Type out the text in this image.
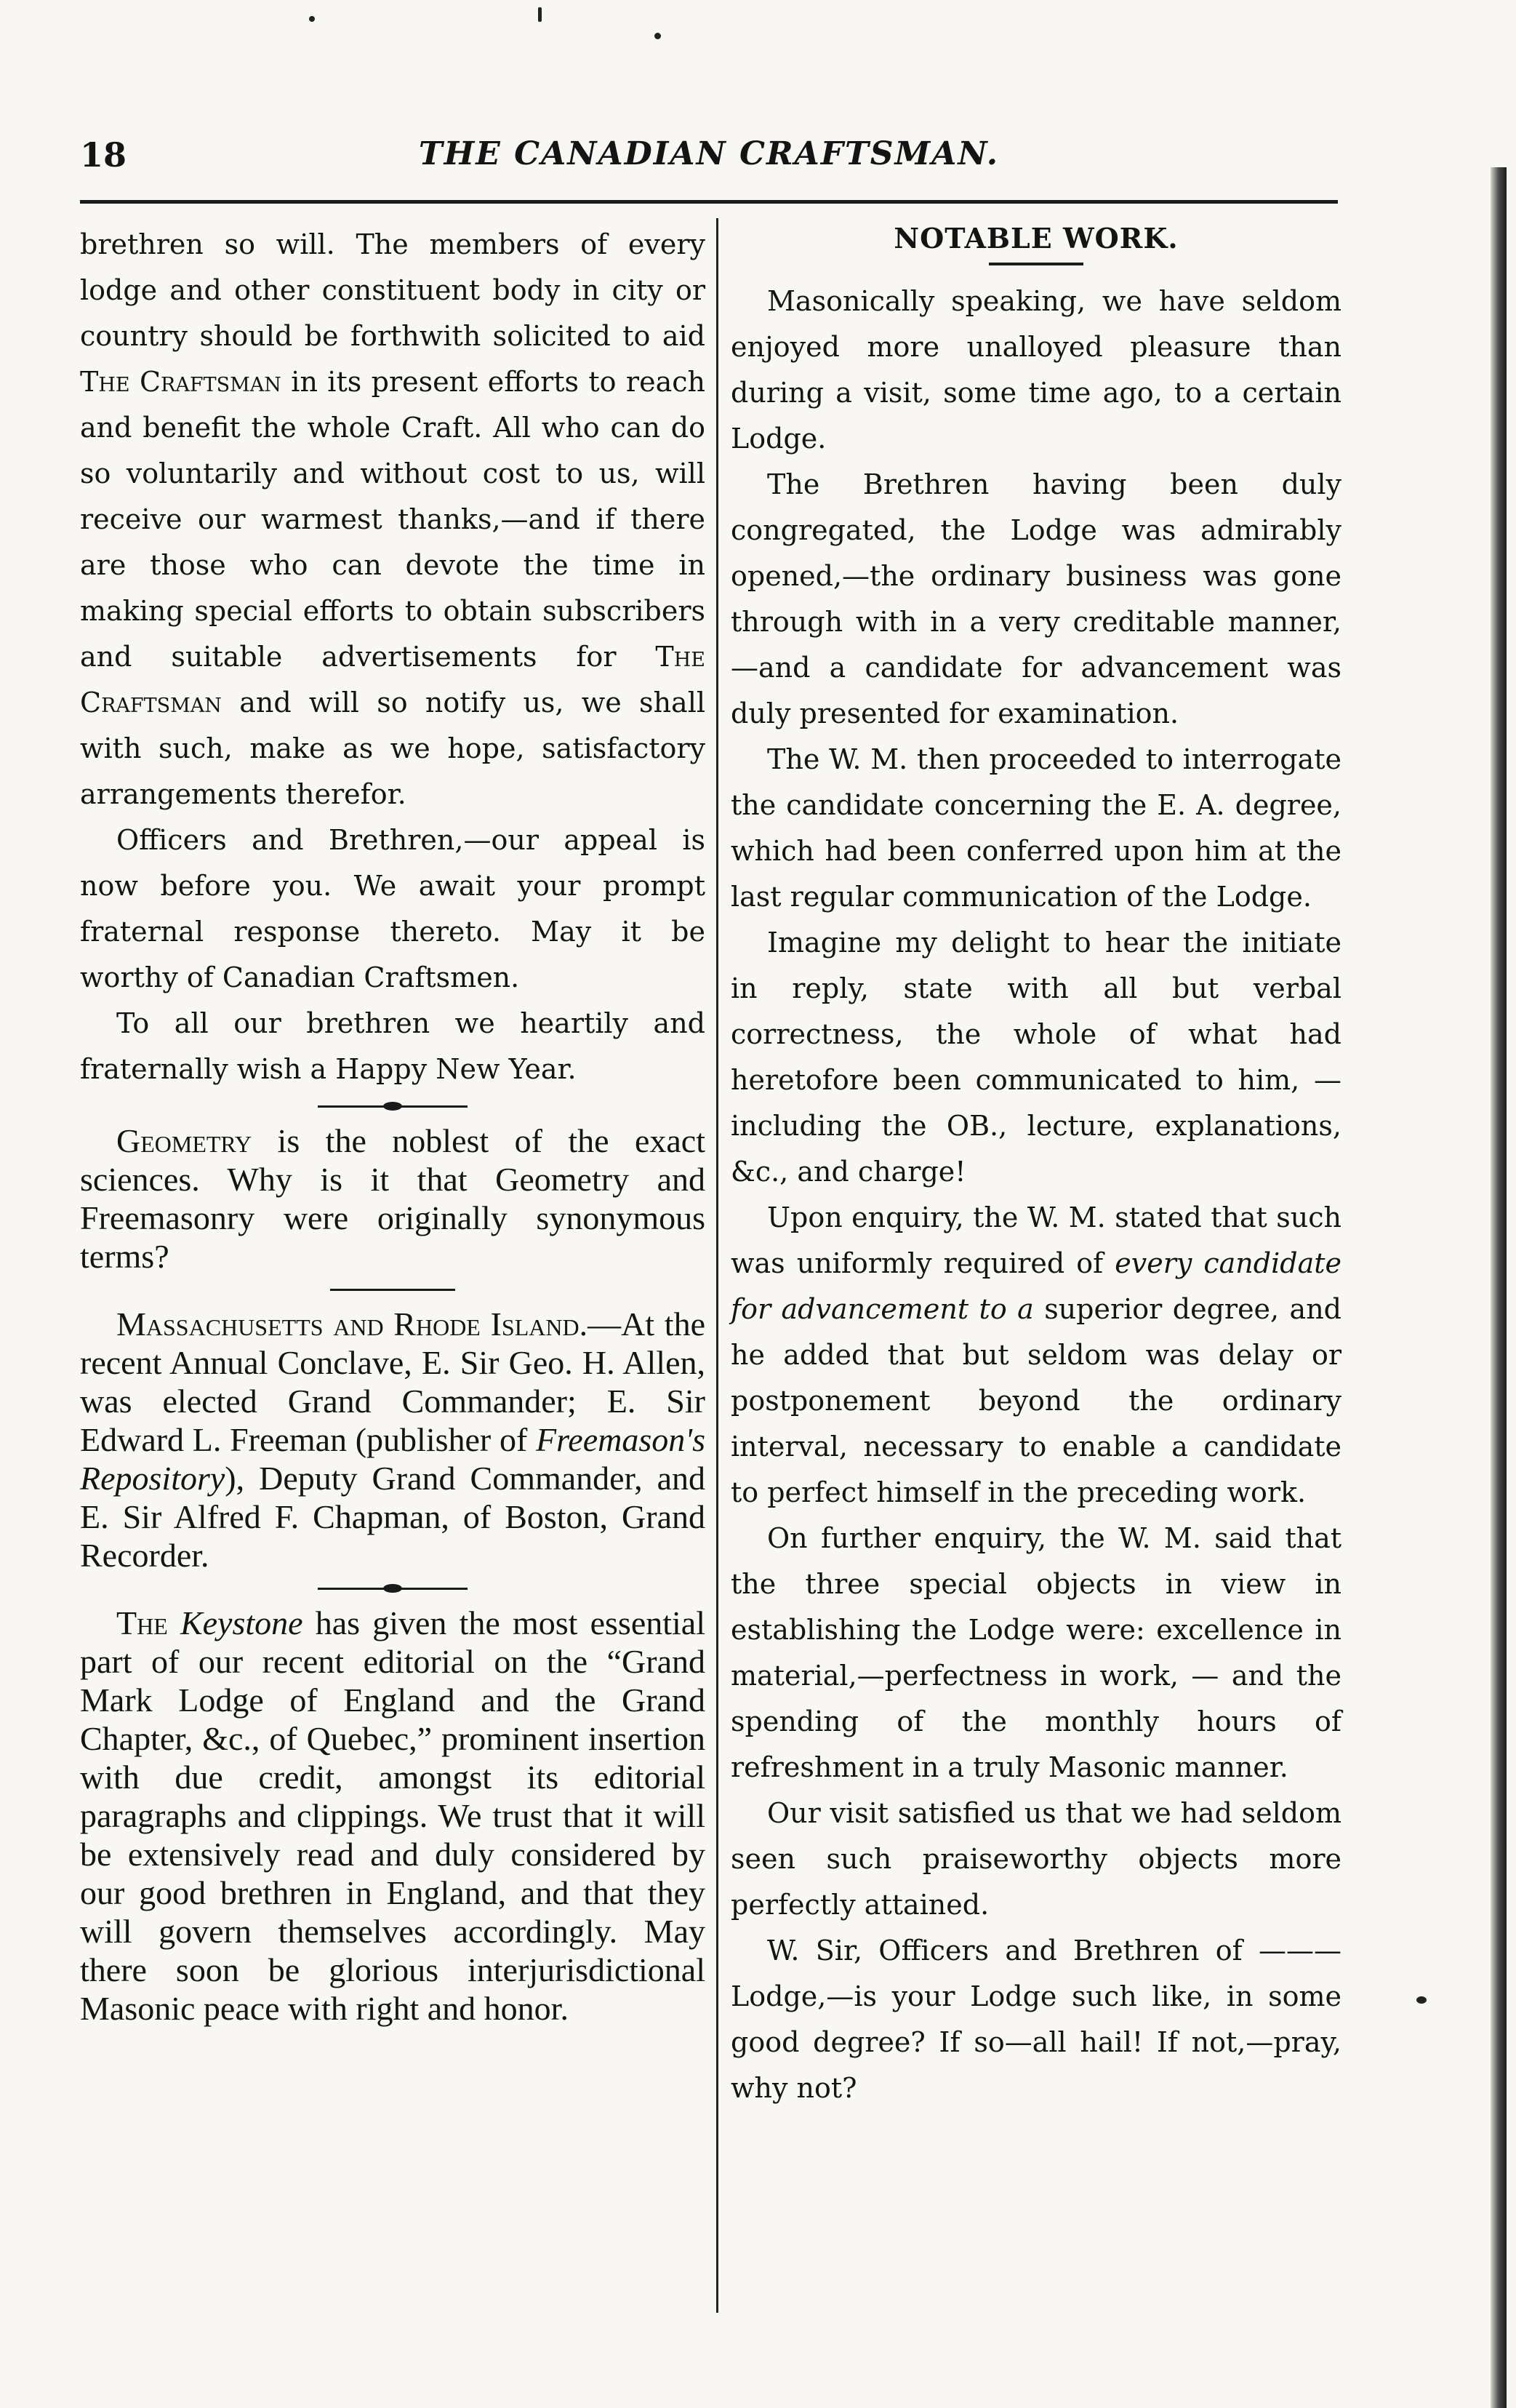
18	THE CANADIAN CRAFTSMAN.

brethren so will. The members of every lodge and other constituent body in city or country should be forthwith solicited to aid The Craftsman in its present efforts to reach and benefit the whole Craft. All who can do so voluntarily and without cost to us, will receive our warmest thanks,—and if there are those who can devote the time in making special efforts to obtain subscribers and suitable advertisements for The Craftsman and will so notify us, we shall with such, make as we hope, satisfactory arrangements therefor.

Officers and Brethren,—our appeal is now before you. We await your prompt fraternal response thereto. May it be worthy of Canadian Craftsmen.

To all our brethren we heartily and fraternally wish a Happy New Year.

Geometry is the noblest of the exact sciences. Why is it that Geometry and Freemasonry were originally synonymous terms?

Massachusetts and Rhode Island.—At the recent Annual Conclave, E. Sir Geo. H. Allen, was elected Grand Commander; E. Sir Edward L. Freeman (publisher of Freemason's Repository), Deputy Grand Commander, and E. Sir Alfred F. Chapman, of Boston, Grand Recorder.

The Keystone has given the most essential part of our recent editorial on the “Grand Mark Lodge of England and the Grand Chapter, &c., of Quebec,” prominent insertion with due credit, amongst its editorial paragraphs and clippings. We trust that it will be extensively read and duly considered by our good brethren in England, and that they will govern themselves accordingly. May there soon be glorious interjurisdictional Masonic peace with right and honor.

NOTABLE WORK.

Masonically speaking, we have seldom enjoyed more unalloyed pleasure than during a visit, some time ago, to a certain Lodge.

The Brethren having been duly congregated, the Lodge was admirably opened,—the ordinary business was gone through with in a very creditable manner,—and a candidate for advancement was duly presented for examination.

The W. M. then proceeded to interrogate the candidate concerning the E. A. degree, which had been conferred upon him at the last regular communication of the Lodge.

Imagine my delight to hear the initiate in reply, state with all but verbal correctness, the whole of what had heretofore been communicated to him, — including the OB., lecture, explanations, &c., and charge!

Upon enquiry, the W. M. stated that such was uniformly required of every candidate for advancement to a superior degree, and he added that but seldom was delay or postponement beyond the ordinary interval, necessary to enable a candidate to perfect himself in the preceding work.

On further enquiry, the W. M. said that the three special objects in view in establishing the Lodge were: excellence in material,—perfectness in work, — and the spending of the monthly hours of refreshment in a truly Masonic manner.

Our visit satisfied us that we had seldom seen such praiseworthy objects more perfectly attained.

W. Sir, Officers and Brethren of ——— Lodge,—is your Lodge such like, in some good degree? If so—all hail! If not,—pray, why not?
